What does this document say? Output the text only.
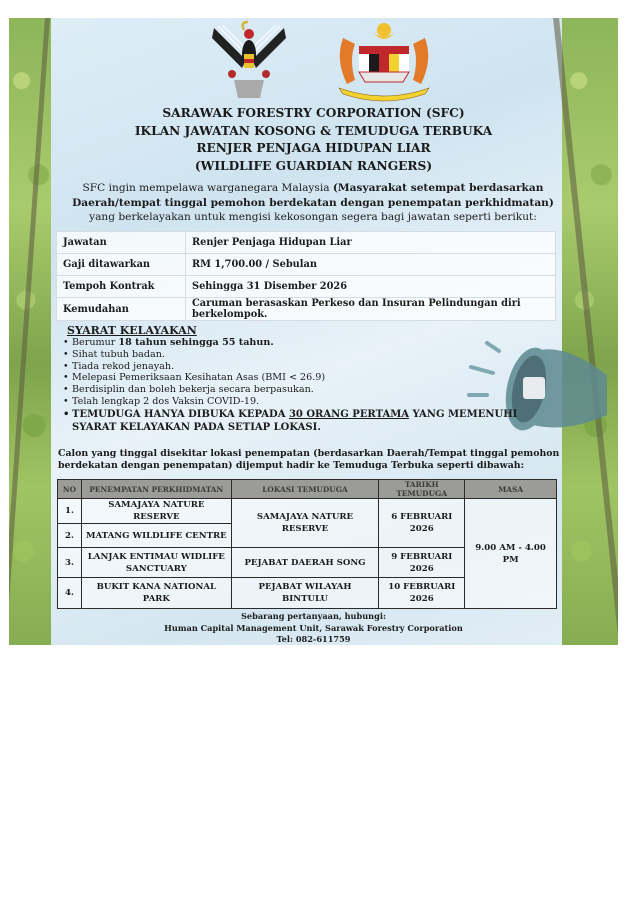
SARAWAK FORESTRY CORPORATION (SFC)
IKLAN JAWATAN KOSONG & TEMUDUGA TERBUKA
RENJER PENJAGA HIDUPAN LIAR
(WILDLIFE GUARDIAN RANGERS)
SFC ingin mempelawa warganegara Malaysia (Masyarakat setempat berdasarkan Daerah/tempat tinggal pemohon berdekatan dengan penempatan perkhidmatan)
yang berkelayakan untuk mengisi kekosongan segera bagi jawatan seperti berikut:
Jawatan	Renjer Penjaga Hidupan Liar
Gaji ditawarkan	RM 1,700.00 / Sebulan
Tempoh Kontrak	Sehingga 31 Disember 2026
Kemudahan	Caruman berasaskan Perkeso dan Insuran Pelindungan diri berkelompok.
SYARAT KELAYAKAN
• Berumur 18 tahun sehingga 55 tahun.
• Sihat tubuh badan.
• Tiada rekod jenayah.
• Melepasi Pemeriksaan Kesihatan Asas (BMI < 26.9)
• Berdisiplin dan boleh bekerja secara berpasukan.
• Telah lengkap 2 dos Vaksin COVID-19.
• TEMUDUGA HANYA DIBUKA KEPADA 30 ORANG PERTAMA YANG MEMENUHI SYARAT KELAYAKAN PADA SETIAP LOKASI.
Calon yang tinggal disekitar lokasi penempatan (berdasarkan Daerah/Tempat tinggal pemohon berdekatan dengan penempatan) dijemput hadir ke Temuduga Terbuka seperti dibawah:
NO	PENEMPATAN PERKHIDMATAN	LOKASI TEMUDUGA	TARIKH TEMUDUGA	MASA
1.	SAMAJAYA NATURE RESERVE	SAMAJAYA NATURE RESERVE	6 FEBRUARI 2026	9.00 AM - 4.00 PM
2.	MATANG WILDLIFE CENTRE			
3.	LANJAK ENTIMAU WIDLIFE SANCTUARY	PEJABAT DAERAH SONG	9 FEBRUARI 2026	
4.	BUKIT KANA NATIONAL PARK	PEJABAT WILAYAH BINTULU	10 FEBRUARI 2026	
Sebarang pertanyaan, hubungi:
Human Capital Management Unit, Sarawak Forestry Corporation
Tel: 082-611759
